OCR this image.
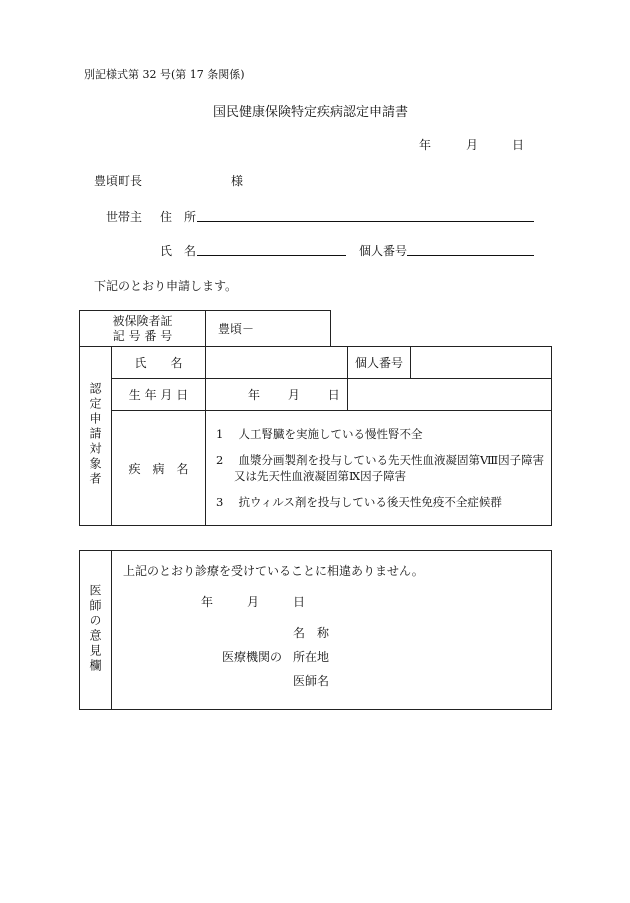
別記様式第 32 号(第 17 条関係)
国民健康保険特定疾病認定申請書
年	月	日
豊頃町長	様
世帯主 住　所
氏　名	個人番号
下記のとおり申請します。
被保険者証
記 号 番 号	豊頃－
認定申請対象者	氏　　名		個人番号	
	生 年 月 日	年 月 日		
	疾　病　名	1　 人工腎臓を実施している慢性腎不全
2　 血漿分画製剤を投与している先天性血液凝固第Ⅷ因子障害
又は先天性血液凝固第Ⅸ因子障害
3　 抗ウィルス剤を投与している後天性免疫不全症候群		
医師の意見欄	
上記のとおり診療を受けていることに相違ありません。
年	月	日
名　称
医療機関の 所在地
医師名
